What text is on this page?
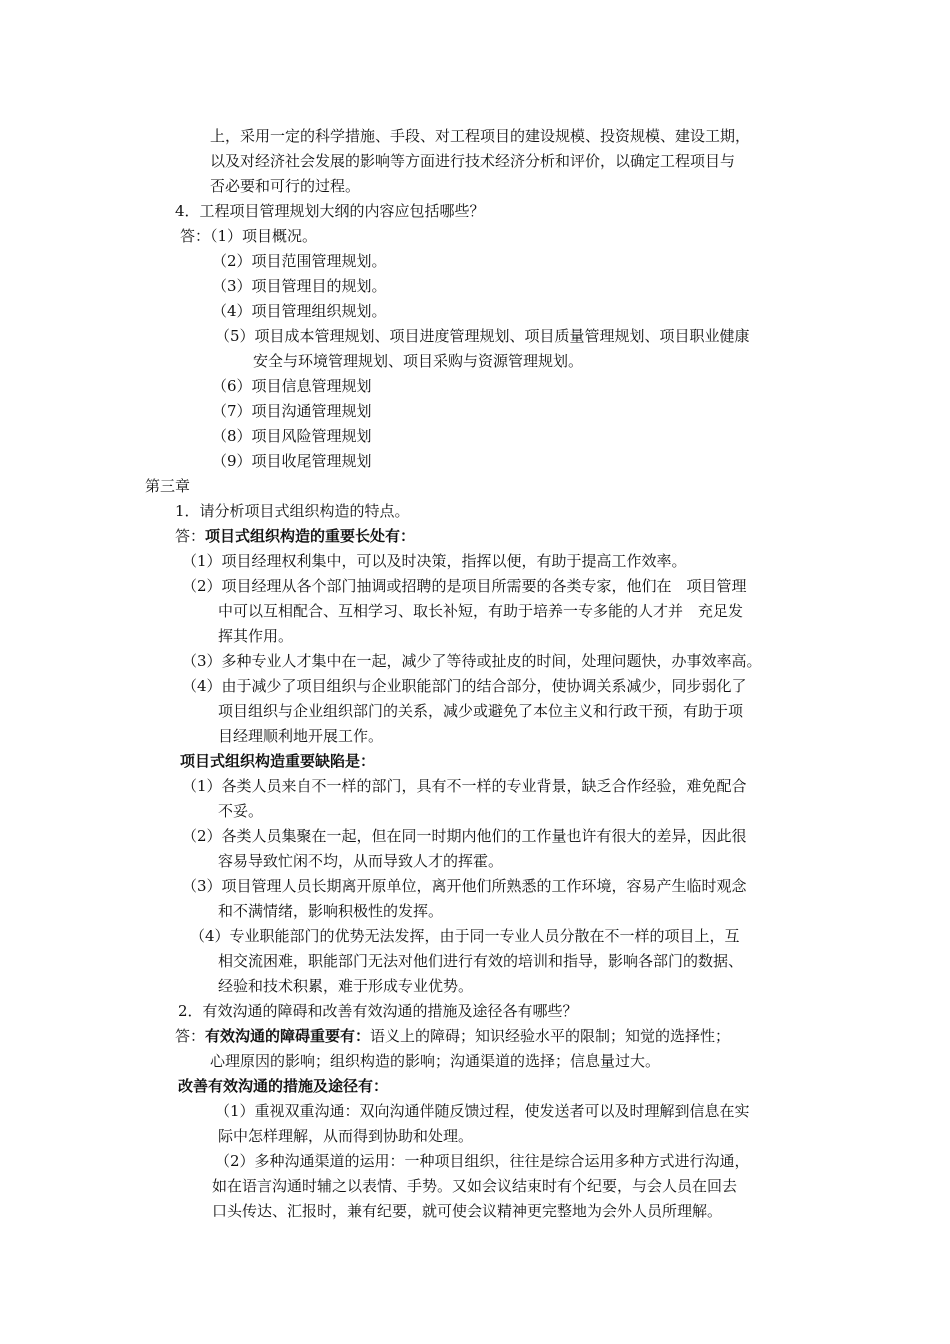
上，采用一定的科学措施、手段、对工程项目的建设规模、投资规模、建设工期，
以及对经济社会发展的影响等方面进行技术经济分析和评价，以确定工程项目与
否必要和可行的过程。
4．工程项目管理规划大纲的内容应包括哪些？
答：（1）项目概况。
（2）项目范围管理规划。
（3）项目管理目的规划。
（4）项目管理组织规划。
（5）项目成本管理规划、项目进度管理规划、项目质量管理规划、项目职业健康
安全与环境管理规划、项目采购与资源管理规划。
（6）项目信息管理规划
（7）项目沟通管理规划
（8）项目风险管理规划
（9）项目收尾管理规划
第三章
1．请分析项目式组织构造的特点。
答：项目式组织构造的重要长处有：
（1）项目经理权利集中，可以及时决策，指挥以便，有助于提高工作效率。
（2）项目经理从各个部门抽调或招聘的是项目所需要的各类专家，他们在　项目管理
中可以互相配合、互相学习、取长补短，有助于培养一专多能的人才并　充足发
挥其作用。
（3）多种专业人才集中在一起，减少了等待或扯皮的时间，处理问题快，办事效率高。
（4）由于减少了项目组织与企业职能部门的结合部分，使协调关系减少，同步弱化了
项目组织与企业组织部门的关系，减少或避免了本位主义和行政干预，有助于项
目经理顺利地开展工作。
项目式组织构造重要缺陷是：
（1）各类人员来自不一样的部门，具有不一样的专业背景，缺乏合作经验，难免配合
不妥。
（2）各类人员集聚在一起，但在同一时期内他们的工作量也许有很大的差异，因此很
容易导致忙闲不均，从而导致人才的挥霍。
（3）项目管理人员长期离开原单位，离开他们所熟悉的工作环境，容易产生临时观念
和不满情绪，影响积极性的发挥。
（4）专业职能部门的优势无法发挥，由于同一专业人员分散在不一样的项目上，互
相交流困难，职能部门无法对他们进行有效的培训和指导，影响各部门的数据、
经验和技术积累，难于形成专业优势。
2．有效沟通的障碍和改善有效沟通的措施及途径各有哪些？
答：有效沟通的障碍重要有：语义上的障碍；知识经验水平的限制；知觉的选择性；
心理原因的影响；组织构造的影响；沟通渠道的选择；信息量过大。
改善有效沟通的措施及途径有：
（1）重视双重沟通：双向沟通伴随反馈过程，使发送者可以及时理解到信息在实
际中怎样理解，从而得到协助和处理。
（2）多种沟通渠道的运用：一种项目组织，往往是综合运用多种方式进行沟通，
如在语言沟通时辅之以表情、手势。又如会议结束时有个纪要，与会人员在回去
口头传达、汇报时，兼有纪要，就可使会议精神更完整地为会外人员所理解。
